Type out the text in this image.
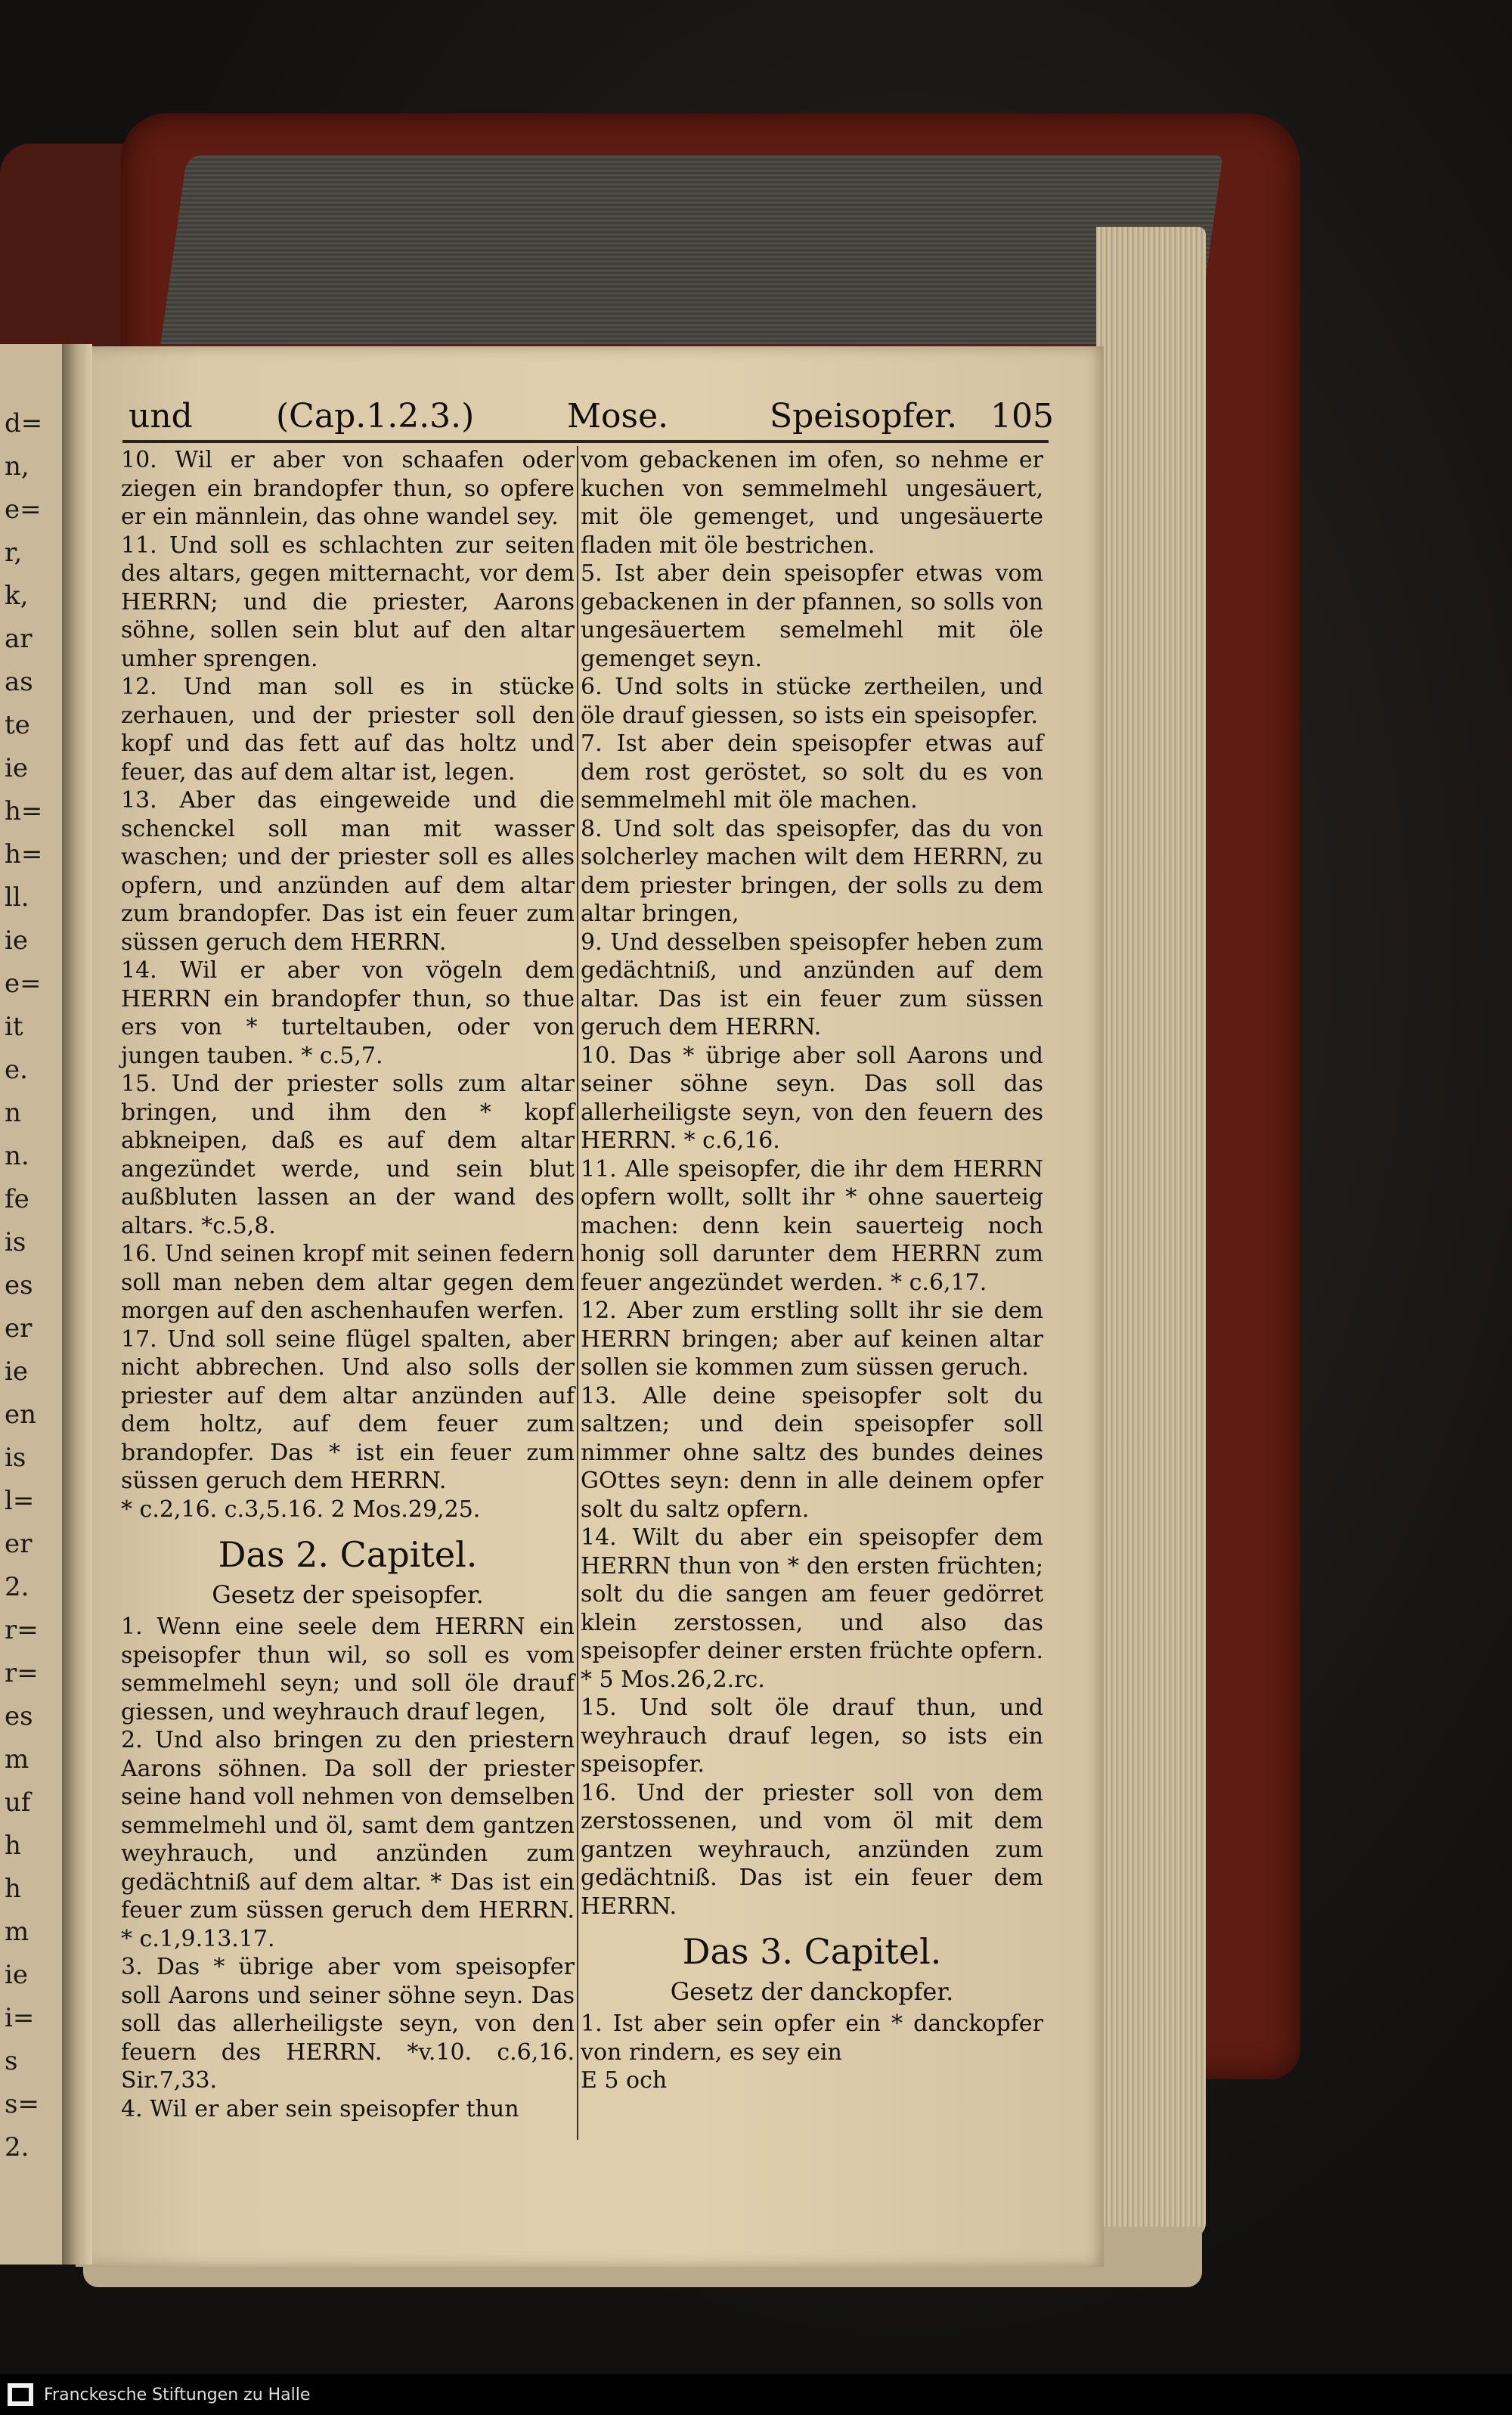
d=
n,
e=
r,
k,
ar
as
te
ie
h=
h=
ll.
ie
e=
it
e.
n
n.
fe
is
es
er
ie
en
is
l=
er
2.
r=
r=
es
m
uf
h
h
m
ie
i=
s
s=
2.
und	(Cap.1.2.3.)	Mose.	Speisopfer. 105

10. Wil er aber von schaafen oder ziegen ein brandopfer thun, so opfere er ein männlein, das ohne wandel sey.

11. Und soll es schlachten zur seiten des altars, gegen mitternacht, vor dem HERRN; und die priester, Aarons söhne, sollen sein blut auf den altar umher sprengen.

12. Und man soll es in stücke zerhauen, und der priester soll den kopf und das fett auf das holtz und feuer, das auf dem altar ist, legen.

13. Aber das eingeweide und die schenckel soll man mit wasser waschen; und der priester soll es alles opfern, und anzünden auf dem altar zum brandopfer. Das ist ein feuer zum süssen geruch dem HERRN.

14. Wil er aber von vögeln dem HERRN ein brandopfer thun, so thue ers von * turteltauben, oder von jungen tauben. * c.5,7.

15. Und der priester solls zum altar bringen, und ihm den * kopf abkneipen, daß es auf dem altar angezündet werde, und sein blut außbluten lassen an der wand des altars. *c.5,8.

16. Und seinen kropf mit seinen federn soll man neben dem altar gegen dem morgen auf den aschenhaufen werfen.

17. Und soll seine flügel spalten, aber nicht abbrechen. Und also solls der priester auf dem altar anzünden auf dem holtz, auf dem feuer zum brandopfer. Das * ist ein feuer zum süssen geruch dem HERRN.

* c.2,16. c.3,5.16. 2 Mos.29,25.

Das 2. Capitel.

Gesetz der speisopfer.

1. Wenn eine seele dem HERRN ein speisopfer thun wil, so soll es vom semmelmehl seyn; und soll öle drauf giessen, und weyhrauch drauf legen,

2. Und also bringen zu den priestern Aarons söhnen. Da soll der priester seine hand voll nehmen von demselben semmelmehl und öl, samt dem gantzen weyhrauch, und anzünden zum gedächtniß auf dem altar. * Das ist ein feuer zum süssen geruch dem HERRN. * c.1,9.13.17.

3. Das * übrige aber vom speisopfer soll Aarons und seiner söhne seyn. Das soll das allerheiligste seyn, von den feuern des HERRN. *v.10. c.6,16. Sir.7,33.

4. Wil er aber sein speisopfer thun

vom gebackenen im ofen, so nehme er kuchen von semmelmehl ungesäuert, mit öle gemenget, und ungesäuerte fladen mit öle bestrichen.

5. Ist aber dein speisopfer etwas vom gebackenen in der pfannen, so solls von ungesäuertem semelmehl mit öle gemenget seyn.

6. Und solts in stücke zertheilen, und öle drauf giessen, so ists ein speisopfer.

7. Ist aber dein speisopfer etwas auf dem rost geröstet, so solt du es von semmelmehl mit öle machen.

8. Und solt das speisopfer, das du von solcherley machen wilt dem HERRN, zu dem priester bringen, der solls zu dem altar bringen,

9. Und desselben speisopfer heben zum gedächtniß, und anzünden auf dem altar. Das ist ein feuer zum süssen geruch dem HERRN.

10. Das * übrige aber soll Aarons und seiner söhne seyn. Das soll das allerheiligste seyn, von den feuern des HERRN. * c.6,16.

11. Alle speisopfer, die ihr dem HERRN opfern wollt, sollt ihr * ohne sauerteig machen: denn kein sauerteig noch honig soll darunter dem HERRN zum feuer angezündet werden. * c.6,17.

12. Aber zum erstling sollt ihr sie dem HERRN bringen; aber auf keinen altar sollen sie kommen zum süssen geruch.

13. Alle deine speisopfer solt du saltzen; und dein speisopfer soll nimmer ohne saltz des bundes deines GOttes seyn: denn in alle deinem opfer solt du saltz opfern.

14. Wilt du aber ein speisopfer dem HERRN thun von * den ersten früchten; solt du die sangen am feuer gedörret klein zerstossen, und also das speisopfer deiner ersten früchte opfern. * 5 Mos.26,2.rc.

15. Und solt öle drauf thun, und weyhrauch drauf legen, so ists ein speisopfer.

16. Und der priester soll von dem zerstossenen, und vom öl mit dem gantzen weyhrauch, anzünden zum gedächtniß. Das ist ein feuer dem HERRN.

Das 3. Capitel.

Gesetz der danckopfer.

1. Ist aber sein opfer ein * danckopfer von rindern, es sey ein

E 5 och

Franckesche Stiftungen zu Halle
